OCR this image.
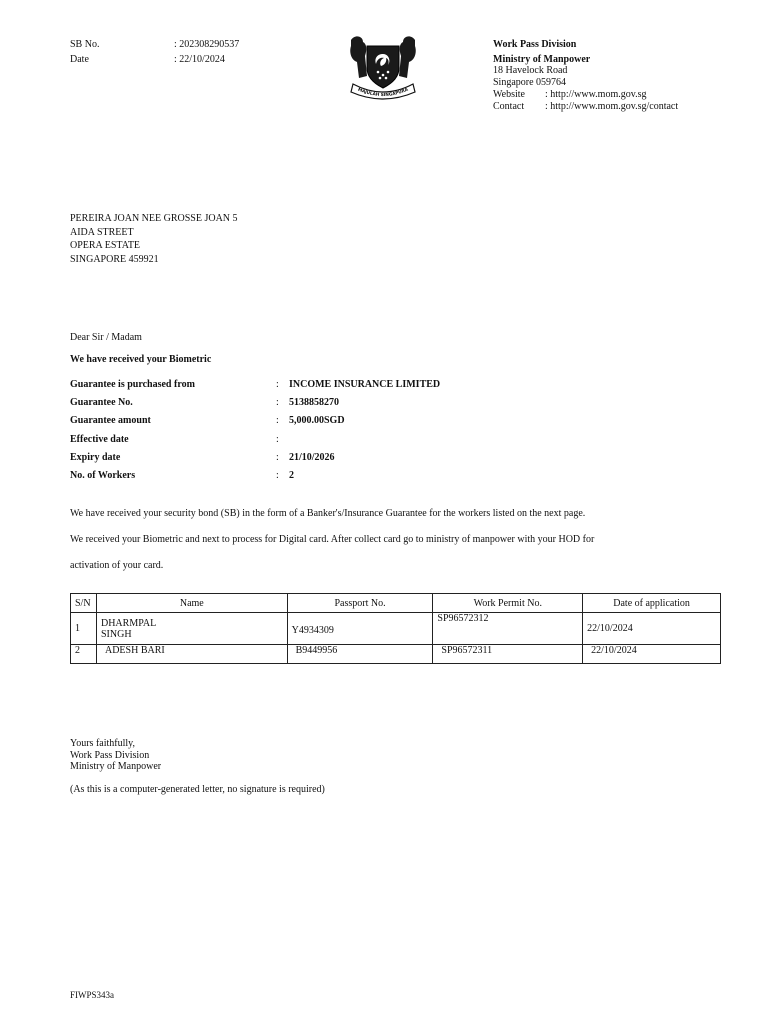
SB No.	: 202308290537
Date	: 22/10/2024
MAJULAH SINGAPURA
Work Pass Division
Ministry of Manpower
18 Havelock Road
Singapore 059764
Website : http://www.mom.gov.sg
Contact : http://www.mom.gov.sg/contact
PEREIRA JOAN NEE GROSSE JOAN 5
AIDA STREET
OPERA ESTATE
SINGAPORE 459921
Dear Sir / Madam
We have received your Biometric
Guarantee is purchased from	:	INCOME INSURANCE LIMITED
Guarantee No.	:	5138858270
Guarantee amount	:	5,000.00SGD
Effective date	:
Expiry date	:	21/10/2026
No. of Workers	:	2
We have received your security bond (SB) in the form of a Banker's/Insurance Guarantee for the workers listed on the next page.
We received your Biometric and next to process for Digital card. After collect card go to ministry of manpower with your HOD for
activation of your card.
S/N	Name	Passport No.	Work Permit No.	Date of application
1	DHARMPAL
SINGH	Y4934309	SP96572312	22/10/2024
2	ADESH BARI	B9449956	SP96572311	22/10/2024
Yours faithfully,
Work Pass Division
Ministry of Manpower
(As this is a computer-generated letter, no signature is required)
FIWPS343a
